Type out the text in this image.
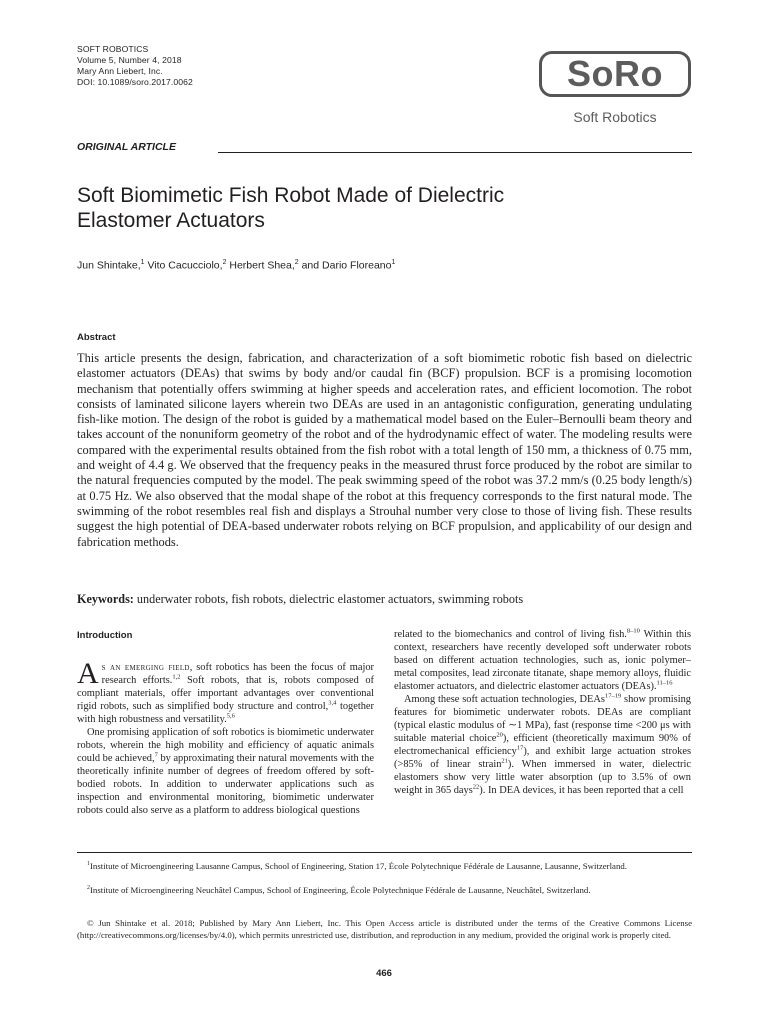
SOFT ROBOTICS
Volume 5, Number 4, 2018
Mary Ann Liebert, Inc.
DOI: 10.1089/soro.2017.0062	SoRo
Soft Robotics
ORIGINAL ARTICLE
Soft Biomimetic Fish Robot Made of Dielectric Elastomer Actuators
Jun Shintake,$^1$ Vito Cacucciolo,$^2$ Herbert Shea,$^2$ and Dario Floreano$^1$
Abstract
This article presents the design, fabrication, and characterization of a soft biomimetic robotic fish based on dielectric elastomer actuators (DEAs) that swims by body and/or caudal fin (BCF) propulsion. BCF is a promising locomotion mechanism that potentially offers swimming at higher speeds and acceleration rates, and efficient locomotion. The robot consists of laminated silicone layers wherein two DEAs are used in an antagonistic configuration, generating undulating fish-like motion. The design of the robot is guided by a mathematical model based on the Euler–Bernoulli beam theory and takes account of the nonuniform geometry of the robot and of the hydrodynamic effect of water. The modeling results were compared with the experimental results obtained from the fish robot with a total length of 150 mm, a thickness of 0.75 mm, and weight of 4.4 g. We observed that the frequency peaks in the measured thrust force produced by the robot are similar to the natural frequencies computed by the model. The peak swimming speed of the robot was 37.2 mm/s (0.25 body length/s) at 0.75 Hz. We also observed that the modal shape of the robot at this frequency corresponds to the first natural mode. The swimming of the robot resembles real fish and displays a Strouhal number very close to those of living fish. These results suggest the high potential of DEA-based underwater robots relying on BCF propulsion, and applicability of our design and fabrication methods.
Keywords: underwater robots, fish robots, dielectric elastomer actuators, swimming robots
Introduction

As an emerging field, soft robotics has been the focus of major research efforts.$^{1,2}$ Soft robots, that is, robots composed of compliant materials, offer important advantages over conventional rigid robots, such as simplified body structure and control,$^{3,4}$ together with high robustness and versatility.$^{5,6}$

One promising application of soft robotics is biomimetic underwater robots, wherein the high mobility and efficiency of aquatic animals could be achieved,$^7$ by approximating their natural movements with the theoretically infinite number of degrees of freedom offered by soft-bodied robots. In addition to underwater applications such as inspection and environmental monitoring, biomimetic underwater robots could also serve as a platform to address biological questions

related to the biomechanics and control of living fish.$^{8-10}$ Within this context, researchers have recently developed soft underwater robots based on different actuation technologies, such as, ionic polymer–metal composites, lead zirconate titanate, shape memory alloys, fluidic elastomer actuators, and dielectric elastomer actuators (DEAs).$^{11-16}$

Among these soft actuation technologies, DEAs$^{17-19}$ show promising features for biomimetic underwater robots. DEAs are compliant (typical elastic modulus of ∼1 MPa), fast (response time <200 μs with suitable material choice$^{20}$), efficient (theoretically maximum 90% of electromechanical efficiency$^{17}$), and exhibit large actuation strokes (>85% of linear strain$^{21}$). When immersed in water, dielectric elastomers show very little water absorption (up to 3.5% of own weight in 365 days$^{22}$). In DEA devices, it has been reported that a cell

$^1$Institute of Microengineering Lausanne Campus, School of Engineering, Station 17, École Polytechnique Fédérale de Lausanne, Lausanne, Switzerland.
$^2$Institute of Microengineering Neuchâtel Campus, School of Engineering, École Polytechnique Fédérale de Lausanne, Neuchâtel, Switzerland.
© Jun Shintake et al. 2018; Published by Mary Ann Liebert, Inc. This Open Access article is distributed under the terms of the Creative Commons License (http://creativecommons.org/licenses/by/4.0), which permits unrestricted use, distribution, and reproduction in any medium, provided the original work is properly cited.
466
